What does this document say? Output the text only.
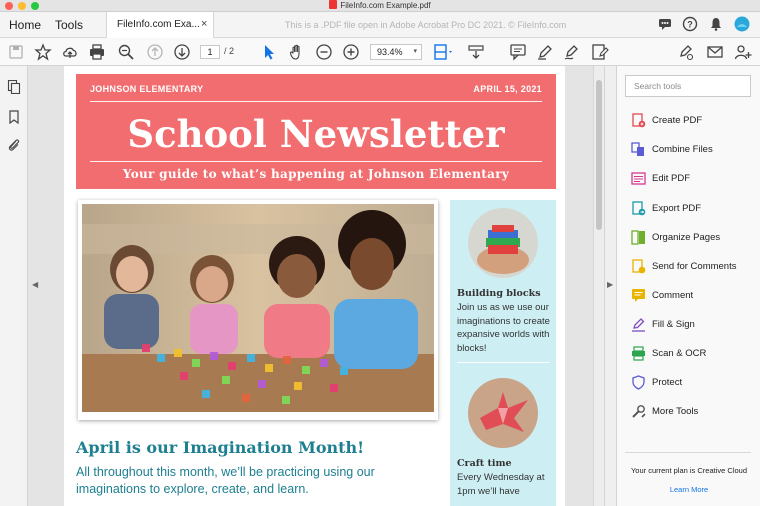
FileInfo.com Example.pdf
Home Tools	FileInfo.com Exa... ×	This is a .PDF file open in Adobe Acrobat Pro DC 2021. © FileInfo.com	?
1	/ 2	93.4% ▾
◀
JOHNSON ELEMENTARY	APRIL 15, 2021
School Newsletter
Your guide to what’s happening at Johnson Elementary
April is our Imagination Month!
All throughout this month, we’ll be practicing using our imaginations to explore, create, and learn.
Building blocks
Join us as we use our imaginations to create expansive worlds with blocks!
Craft time
Every Wednesday at 1pm we’ll have
▶
Search tools
Create PDF
Combine Files
Edit PDF
Export PDF
Organize Pages
Send for Comments
Comment
Fill & Sign
Scan & OCR
Protect
More Tools
Your current plan is Creative Cloud
Learn More
